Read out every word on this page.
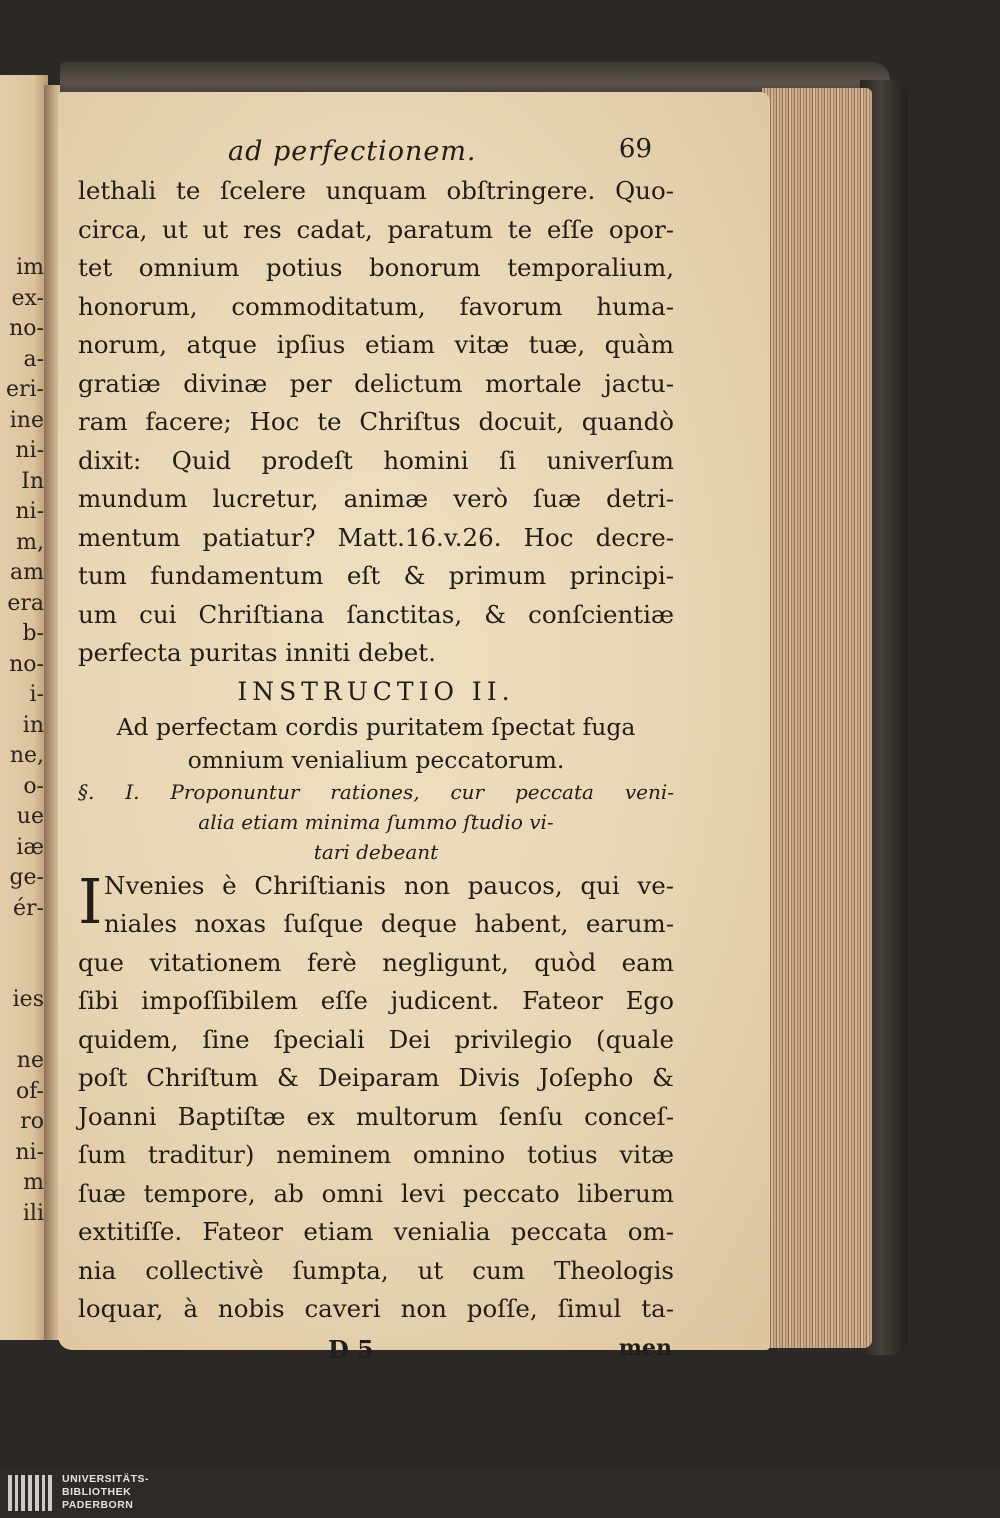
im
ex-
no-
a-
eri-
ine
ni-
In
ni-
m,
am
era
b-
no-
i-
in
ne,
o-
ue
iæ
ge-
ér-
ies
ne
of-
ro
ni-
m
ili
ad perfectionem.	69
lethali te ſcelere unquam obſtringere. Quo-
circa, ut ut res cadat, paratum te eſſe opor-
tet omnium potius bonorum temporalium,
honorum, commoditatum, favorum huma-
norum, atque ipſius etiam vitæ tuæ, quàm
gratiæ divinæ per delictum mortale jactu-
ram facere; Hoc te Chriſtus docuit, quandò
dixit: Quid prodeſt homini ſi univerſum
mundum lucretur, animæ verò ſuæ detri-
mentum patiatur? Matt.16.v.26. Hoc decre-
tum fundamentum eſt & primum principi-
um cui Chriſtiana ſanctitas, & conſcientiæ
perfecta puritas inniti debet.
INSTRUCTIO II.
Ad perfectam cordis puritatem ſpectat fuga
omnium venialium peccatorum.
§. I. Proponuntur rationes, cur peccata veni-
alia etiam minima ſummo ſtudio vi-
tari debeant
I Nvenies è Chriſtianis non paucos, qui ve-
niales noxas ſuſque deque habent, earum-
que vitationem ferè negligunt, quòd eam
ſibi impoſſibilem eſſe judicent. Fateor Ego
quidem, ſine ſpeciali Dei privilegio (quale
poſt Chriſtum & Deiparam Divis Joſepho &
Joanni Baptiſtæ ex multorum ſenſu conceſ-
ſum traditur) neminem omnino totius vitæ
ſuæ tempore, ab omni levi peccato liberum
extitiſſe. Fateor etiam venialia peccata om-
nia collectivè ſumpta, ut cum Theologis
loquar, à nobis caveri non poſſe, ſimul ta-
D 5	men
UNIVERSITÄTS-
BIBLIOTHEK
PADERBORN
